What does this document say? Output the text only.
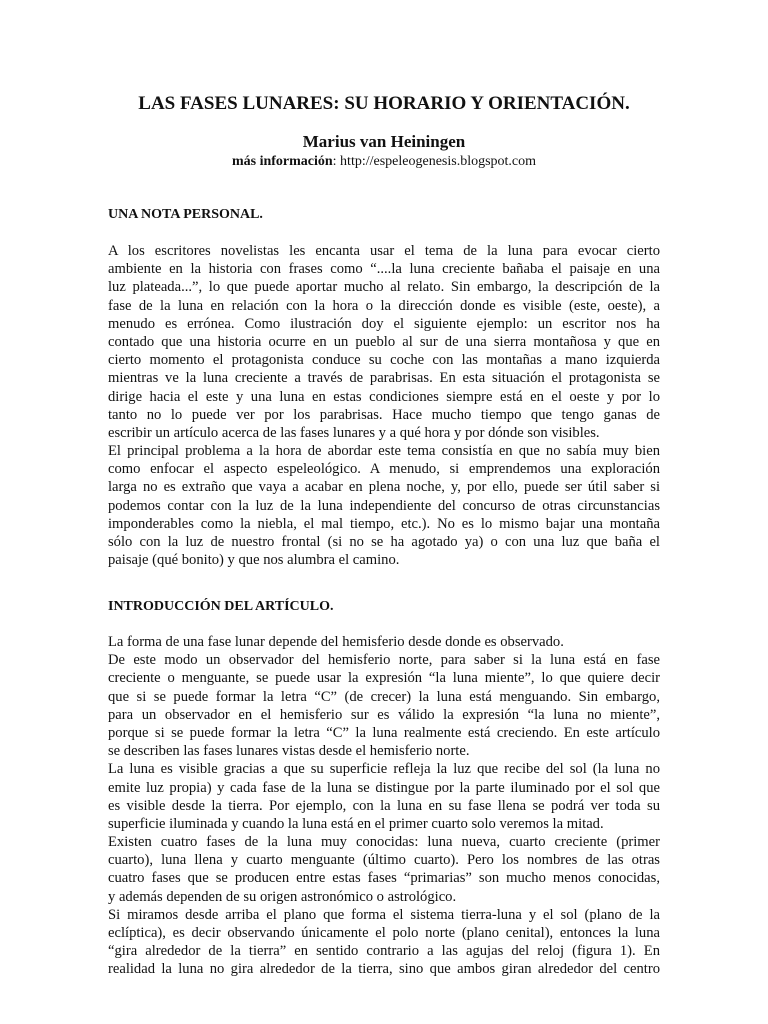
LAS FASES LUNARES: SU HORARIO Y ORIENTACIÓN.
Marius van Heiningen
más información: http://espeleogenesis.blogspot.com
UNA NOTA PERSONAL.
A los escritores novelistas les encanta usar el tema de la luna para evocar cierto
ambiente en la historia con frases como “....la luna creciente bañaba el paisaje en una
luz plateada...”, lo que puede aportar mucho al relato. Sin embargo, la descripción de la
fase de la luna en relación con la hora o la dirección donde es visible (este, oeste), a
menudo es errónea. Como ilustración doy el siguiente ejemplo: un escritor nos ha
contado que una historia ocurre en un pueblo al sur de una sierra montañosa y que en
cierto momento el protagonista conduce su coche con las montañas a mano izquierda
mientras ve la luna creciente a través de parabrisas. En esta situación el protagonista se
dirige hacia el este y una luna en estas condiciones siempre está en el oeste y por lo
tanto no lo puede ver por los parabrisas. Hace mucho tiempo que tengo ganas de
escribir un artículo acerca de las fases lunares y a qué hora y por dónde son visibles.
El principal problema a la hora de abordar este tema consistía en que no sabía muy bien
como enfocar el aspecto espeleológico. A menudo, si emprendemos una exploración
larga no es extraño que vaya a acabar en plena noche, y, por ello, puede ser útil saber si
podemos contar con la luz de la luna independiente del concurso de otras circunstancias
imponderables como la niebla, el mal tiempo, etc.). No es lo mismo bajar una montaña
sólo con la luz de nuestro frontal (si no se ha agotado ya) o con una luz que baña el
paisaje (qué bonito) y que nos alumbra el camino.
INTRODUCCIÓN DEL ARTÍCULO.
La forma de una fase lunar depende del hemisferio desde donde es observado.
De este modo un observador del hemisferio norte, para saber si la luna está en fase
creciente o menguante, se puede usar la expresión “la luna miente”, lo que quiere decir
que si se puede formar la letra “C” (de crecer) la luna está menguando. Sin embargo,
para un observador en el hemisferio sur es válido la expresión “la luna no miente”,
porque si se puede formar la letra “C” la luna realmente está creciendo. En este artículo
se describen las fases lunares vistas desde el hemisferio norte.
La luna es visible gracias a que su superficie refleja la luz que recibe del sol (la luna no
emite luz propia) y cada fase de la luna se distingue por la parte iluminado por el sol que
es visible desde la tierra. Por ejemplo, con la luna en su fase llena se podrá ver toda su
superficie iluminada y cuando la luna está en el primer cuarto solo veremos la mitad.
Existen cuatro fases de la luna muy conocidas: luna nueva, cuarto creciente (primer
cuarto), luna llena y cuarto menguante (último cuarto). Pero los nombres de las otras
cuatro fases que se producen entre estas fases “primarias” son mucho menos conocidas,
y además dependen de su origen astronómico o astrológico.
Si miramos desde arriba el plano que forma el sistema tierra-luna y el sol (plano de la
eclíptica), es decir observando únicamente el polo norte (plano cenital), entonces la luna
“gira alrededor de la tierra” en sentido contrario a las agujas del reloj (figura 1). En
realidad la luna no gira alrededor de la tierra, sino que ambos giran alrededor del centro
